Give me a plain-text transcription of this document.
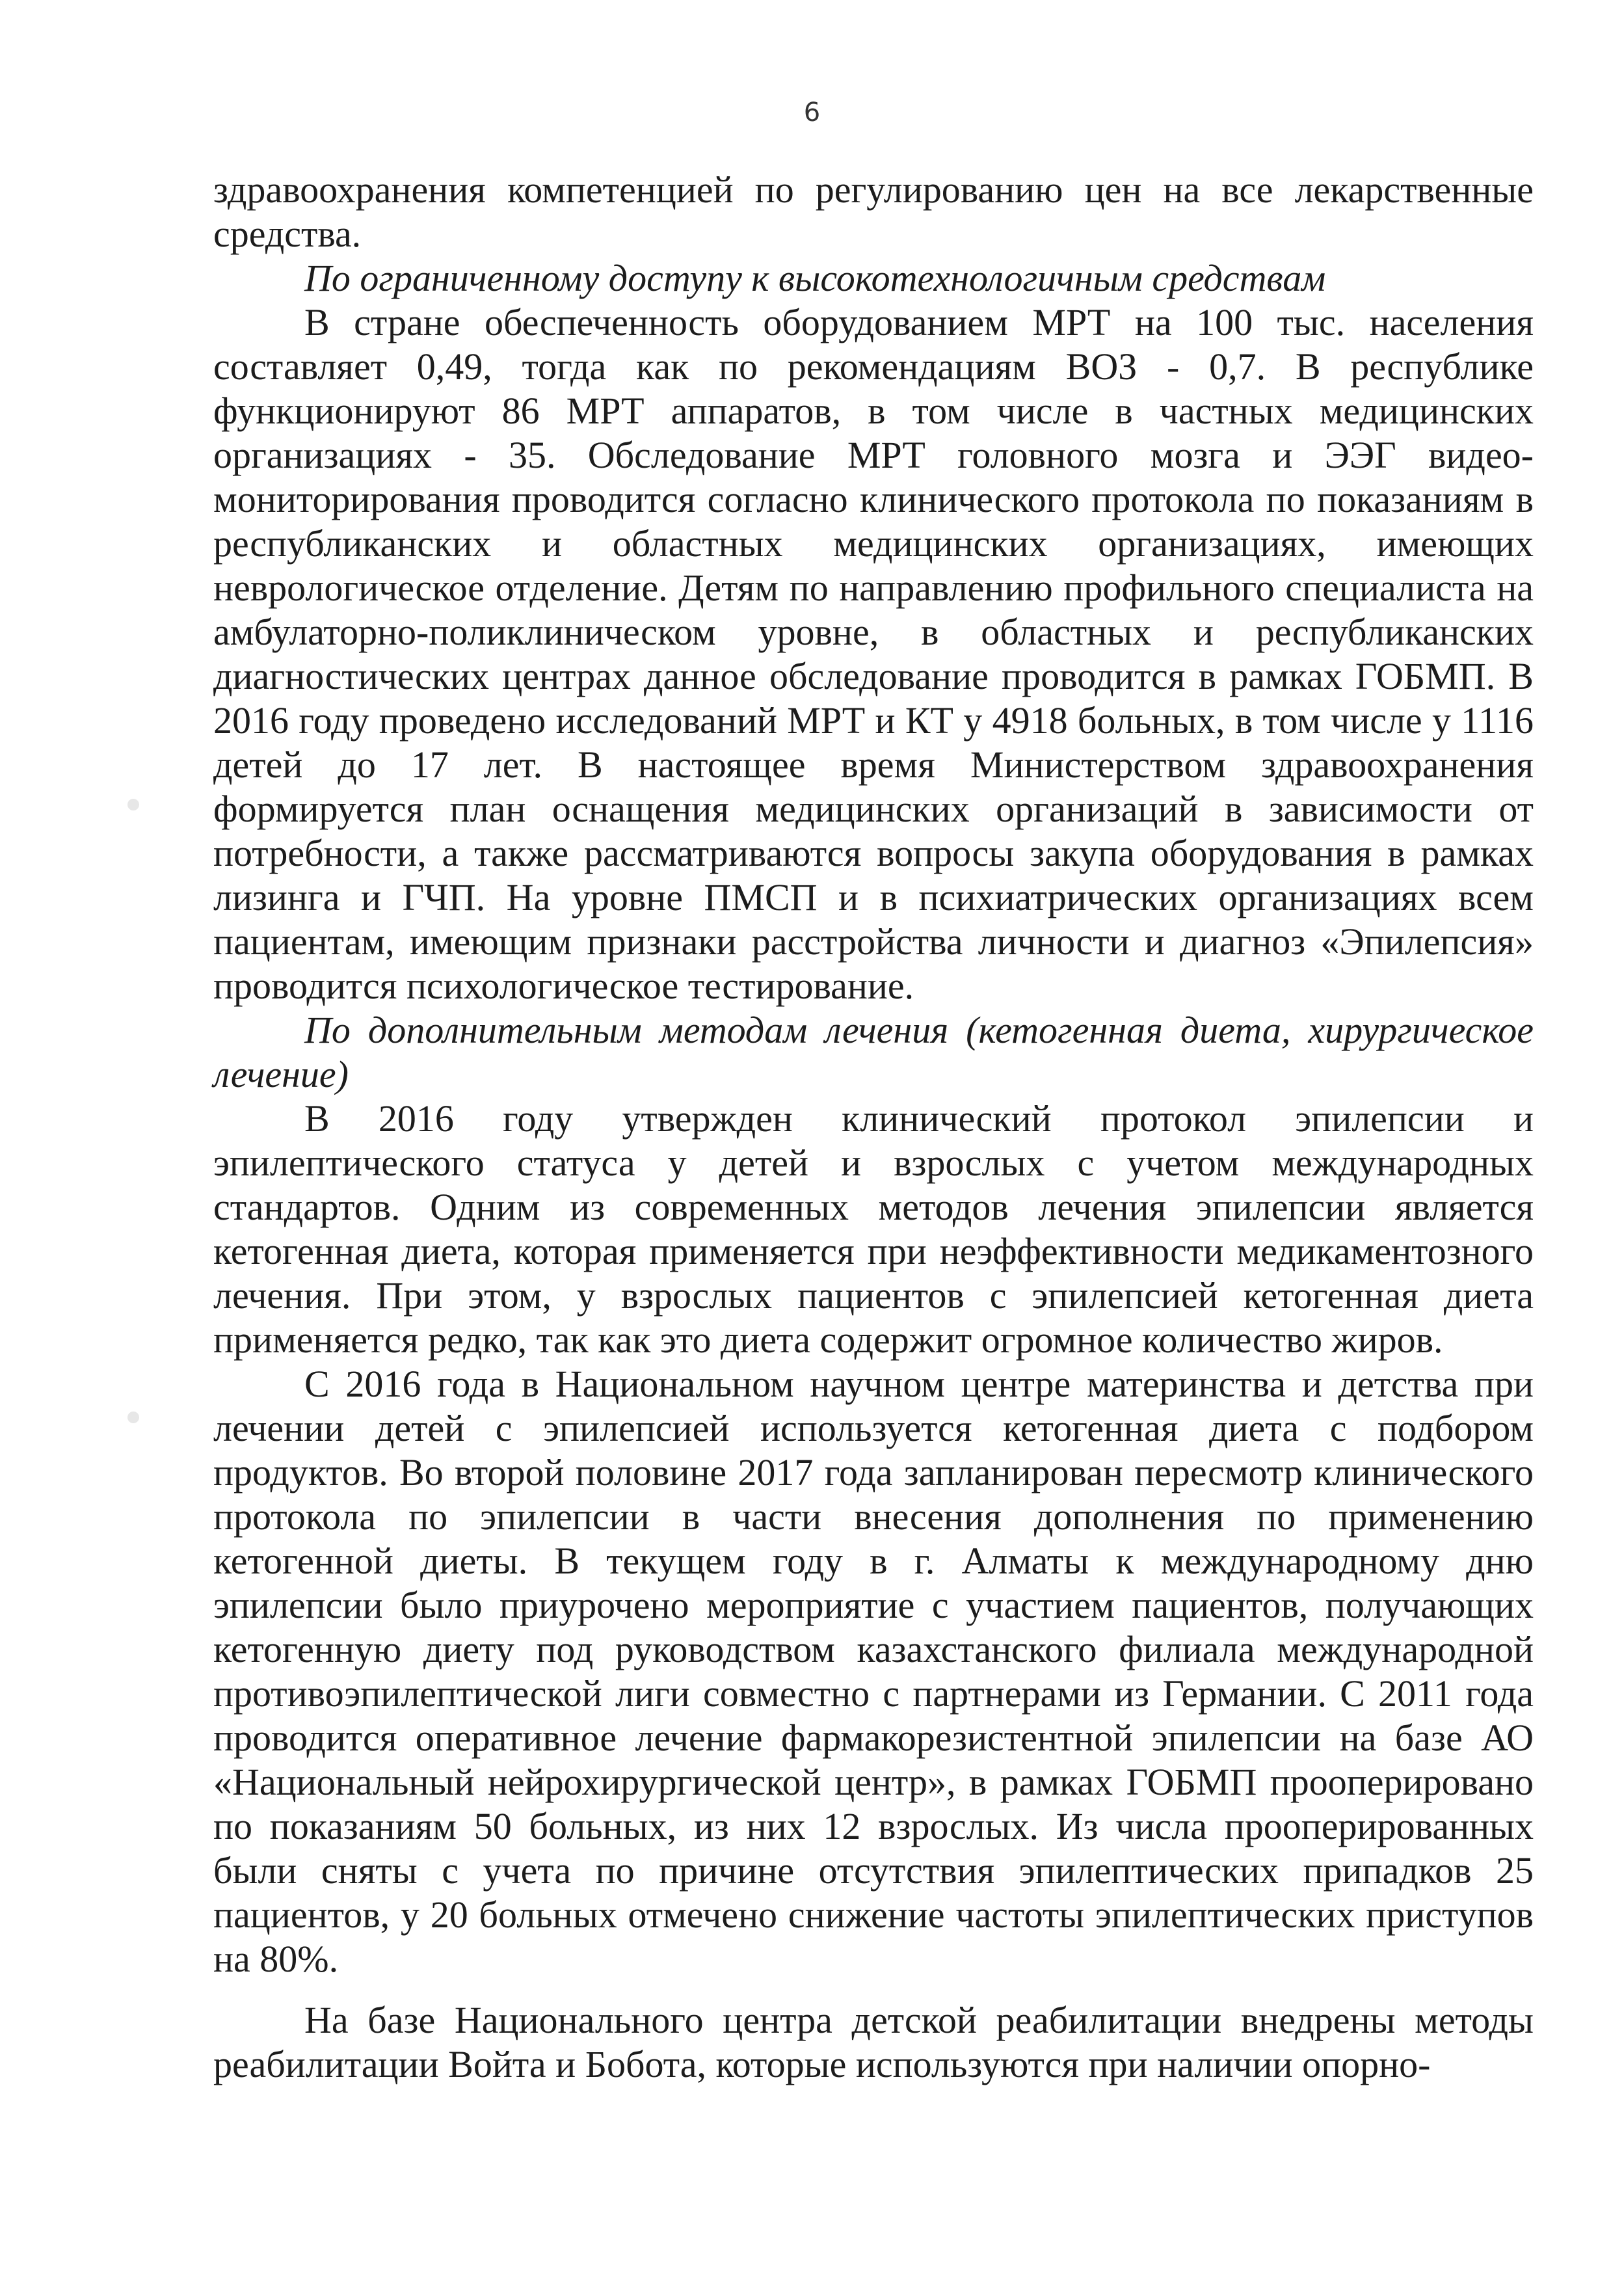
6

здравоохранения компетенцией по регулированию цен на все лекарственные средства.

По ограниченному доступу к высокотехнологичным средствам

В стране обеспеченность оборудованием МРТ на 100 тыс. населения составляет 0,49, тогда как по рекомендациям ВОЗ - 0,7. В республике функционируют 86 МРТ аппаратов, в том числе в частных медицинских организациях - 35. Обследование МРТ головного мозга и ЭЭГ видео-мониторирования проводится согласно клинического протокола по показаниям в республиканских и областных медицинских организациях, имеющих неврологическое отделение. Детям по направлению профильного специалиста на амбулаторно-поликлиническом уровне, в областных и республиканских диагностических центрах данное обследование проводится в рамках ГОБМП. В 2016 году проведено исследований МРТ и КТ у 4918 больных, в том числе у 1116 детей до 17 лет. В настоящее время Министерством здравоохранения формируется план оснащения медицинских организаций в зависимости от потребности, а также рассматриваются вопросы закупа оборудования в рамках лизинга и ГЧП. На уровне ПМСП и в психиатрических организациях всем пациентам, имеющим признаки расстройства личности и диагноз «Эпилепсия» проводится психологическое тестирование.

По дополнительным методам лечения (кетогенная диета, хирургическое лечение)

В 2016 году утвержден клинический протокол эпилепсии и эпилептического статуса у детей и взрослых с учетом международных стандартов. Одним из современных методов лечения эпилепсии является кетогенная диета, которая применяется при неэффективности медикаментозного лечения. При этом, у взрослых пациентов с эпилепсией кетогенная диета применяется редко, так как это диета содержит огромное количество жиров.

С 2016 года в Национальном научном центре материнства и детства при лечении детей с эпилепсией используется кетогенная диета с подбором продуктов. Во второй половине 2017 года запланирован пересмотр клинического протокола по эпилепсии в части внесения дополнения по применению кетогенной диеты. В текущем году в г. Алматы к международному дню эпилепсии было приурочено мероприятие с участием пациентов, получающих кетогенную диету под руководством казахстанского филиала международной противоэпилептической лиги совместно с партнерами из Германии. С 2011 года проводится оперативное лечение фармакорезистентной эпилепсии на базе АО «Национальный нейрохирургической центр», в рамках ГОБМП прооперировано по показаниям 50 больных, из них 12 взрослых. Из числа прооперированных были сняты с учета по причине отсутствия эпилептических припадков 25 пациентов, у 20 больных отмечено снижение частоты эпилептических приступов на 80%.

На базе Национального центра детской реабилитации внедрены методы реабилитации Войта и Бобота, которые используются при наличии опорно-
